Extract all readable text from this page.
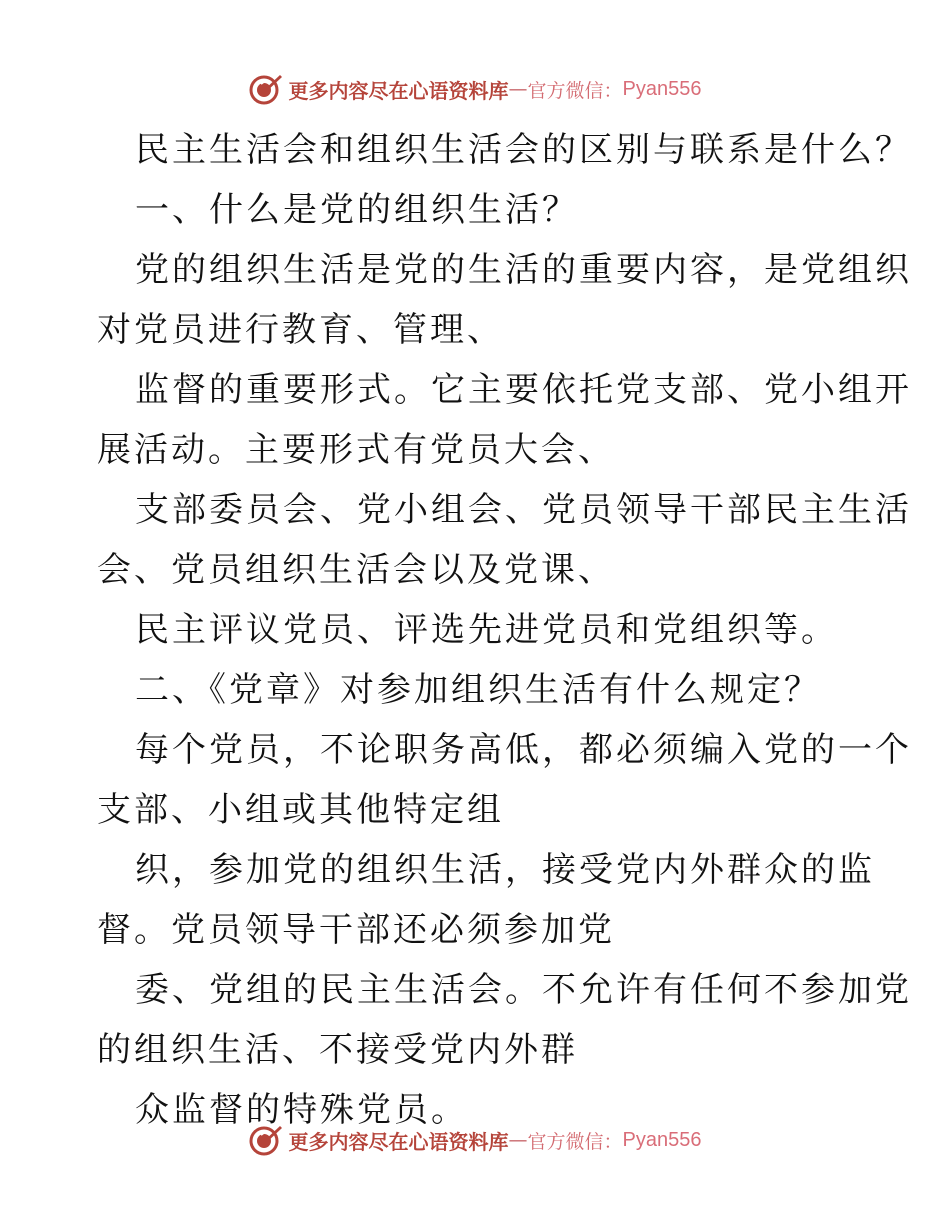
更多内容尽在心语资料库 — 官方微信： Pyan556
民主生活会和组织生活会的区别与联系是什么？
一、什么是党的组织生活？
党的组织生活是党的生活的重要内容，是党组织
对党员进行教育、管理、
监督的重要形式。它主要依托党支部、党小组开
展活动。主要形式有党员大会、
支部委员会、党小组会、党员领导干部民主生活
会、党员组织生活会以及党课、
民主评议党员、评选先进党员和党组织等。
二、《党章》对参加组织生活有什么规定？
每个党员，不论职务高低，都必须编入党的一个
支部、小组或其他特定组
织，参加党的组织生活，接受党内外群众的监
督。党员领导干部还必须参加党
委、党组的民主生活会。不允许有任何不参加党
的组织生活、不接受党内外群
众监督的特殊党员。
更多内容尽在心语资料库 — 官方微信： Pyan556
